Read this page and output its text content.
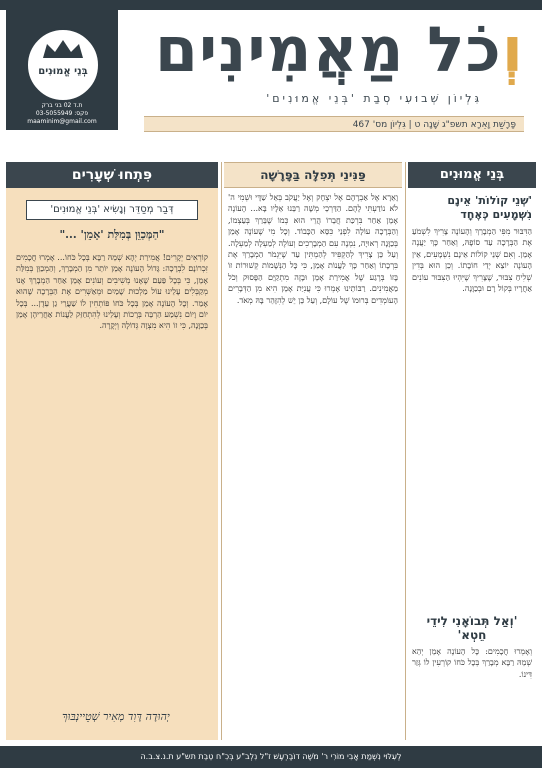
בְּנֵי אֱמוּנִים
ת.ד 02 בני ברק
פקס: 03-5055949
maaminim@gmail.com
וְכֹל מַאֲמִינִים
גִּלְיוֹן שְׁבוּעִי סְבַת 'בְּנֵי אֱמוּנִים'
פָּרָשַׁת וָאֵרָא תשפ"ג שָׁנָה ט | גִּלְיוֹן מס' 467
פִּתְחוּ שְׁעָרִים
דְּבַר מְסַדֵּר וְנָשִׂיא 'בְּנֵי אֱמוּנִים'
"הַמְּכַוֵּן בְּמִלַּת 'אָמֵן' ..."
קוֹרְאִים יְקָרִים! אֲמִירַת יְהָא שְׁמֵהּ רַבָּא בְּכָל כֹּחוֹ... אָמְרוּ חֲכָמִים זִכְרוֹנָם לִבְרָכָה: גָּדוֹל הָעוֹנֶה אָמֵן יוֹתֵר מִן הַמְבָרֵךְ, וְהַמְכַוֵּן בְּמִלַּת אָמֵן, כִּי בְּכָל פַּעַם שֶׁאָנוּ מְשִׁיבִים וְעוֹנִים אָמֵן אַחַר הַמְבָרֵךְ אָנוּ מְקַבְּלִים עָלֵינוּ עוֹל מַלְכוּת שָׁמַיִם וּמְאַשְּׁרִים אֶת הַבְּרָכָה שֶׁהוּא אָמַר. וְכָל הָעוֹנֶה אָמֵן בְּכָל כֹּחוֹ פּוֹתְחִין לוֹ שַׁעֲרֵי גַן עֵדֶן... בְּכָל יוֹם וָיוֹם נִשְׁמַע הַרְבֵּה בְּרָכוֹת וְעָלֵינוּ לְהִתְחַזֵּק לַעֲנוֹת אַחֲרֵיהֶן אָמֵן בְּכַוָּנָה, כִּי זוֹ הִיא מִצְוָה גְּדוֹלָה וְיְקָרָה.
יְהוּדָה דָּוִד מְאִיר שְׁטֵיינְבּוּךְ
פַּנִּינֵי תְּפִלָּה בַּפָּרָשָׁה
וָאֵרָא אֶל אַבְרָהָם אֶל יִצְחָק וְאֶל יַעֲקֹב בְּאֵל שַׁדָּי וּשְׁמִי ה' לֹא נוֹדַעְתִּי לָהֶם. הַדַּרְכֵי מְשָׁה רַבֵּנוּ אֵלָיו בָּא... הָעוֹנֶה אָמֵן אַחַר בִּרְכַּת חֲבֵרוֹ הֲרֵי הוּא כְּמוֹ שֶׁבֵּרַךְ בְּעַצְמוֹ, וְהַבְּרָכָה עוֹלָה לִפְנֵי כִּסֵּא הַכָּבוֹד. וְכָל מִי שֶׁעוֹנֶה אָמֵן בְּכַוָּנָה רְאוּיָה, נִמְנֶה עִם הַמְבָרְכִים וְעוֹלֶה לְמַעְלָה לְמַעְלָה. וְעַל כֵּן צָרִיךְ לְהַקְפִּיד לְהַמְתִּין עַד שֶׁיִּגְמֹר הַמְבָרֵךְ אֶת בִּרְכָתוֹ וְאַחַר כָּךְ לַעֲנוֹת אָמֵן, כִּי כָּל הַנְּשָׁמוֹת קְשׁוּרוֹת זוֹ בָּזוֹ בְּרֶגַע שֶׁל אֲמִירַת אָמֵן וּבָזֶה מִתְקַיֵּם הַפָּסוּק וְכֹל מַאֲמִינִים. רַבּוֹתֵינוּ אָמְרוּ כִּי עֲנִיַּת אָמֵן הִיא מִן הַדְּבָרִים הָעוֹמְדִים בְּרוּמוֹ שֶׁל עוֹלָם, וְעַל כֵּן יֵשׁ לְהִזָּהֵר בָּהּ מְאֹד.
בְּנֵי אֱמוּנִים
'שְׁנֵי קוֹלוֹת' אֵינָם נִשְׁמָעִים כְּאֶחָד
הַדִּבּוּר מִפִּי הַמְבָרֵךְ וְהָעוֹנֶה צָרִיךְ לִשְׁמֹעַ אֶת הַבְּרָכָה עַד סוֹפָהּ, וְאַחַר כָּךְ יַעֲנֶה אָמֵן. וְאִם שְׁנֵי קוֹלוֹת אֵינָם נִשְׁמָעִים, אֵין הָעוֹנֶה יוֹצֵא יְדֵי חוֹבָתוֹ. וְכֵן הוּא בְּדִין שְׁלִיחַ צִבּוּר, שֶׁצָּרִיךְ שֶׁיִּהְיוּ הַצִּבּוּר עוֹנִים אַחֲרָיו בְּקוֹל רָם וּבְכַוָּנָה.
'וְאַל תְּבוֹאָנִי לִידֵי חֵטְא'
וְאָמְרוּ חֲכָמִים: כָּל הָעוֹנֶה אָמֵן יְהֵא שְׁמֵהּ רַבָּא מְבָרַךְ בְּכָל כֹּחוֹ קוֹרְעִין לוֹ גְּזַר דִּינוֹ.
לְעִלּוּי נִשְׁמַת אָבִי מוֹרִי ר' מֹשֶׁה דוֹבֶרְעֶשׁ ז"ל נִלְב"ע בְּכִ"ח טֵבֵת תש"ע ת.נ.צ.ב.ה
